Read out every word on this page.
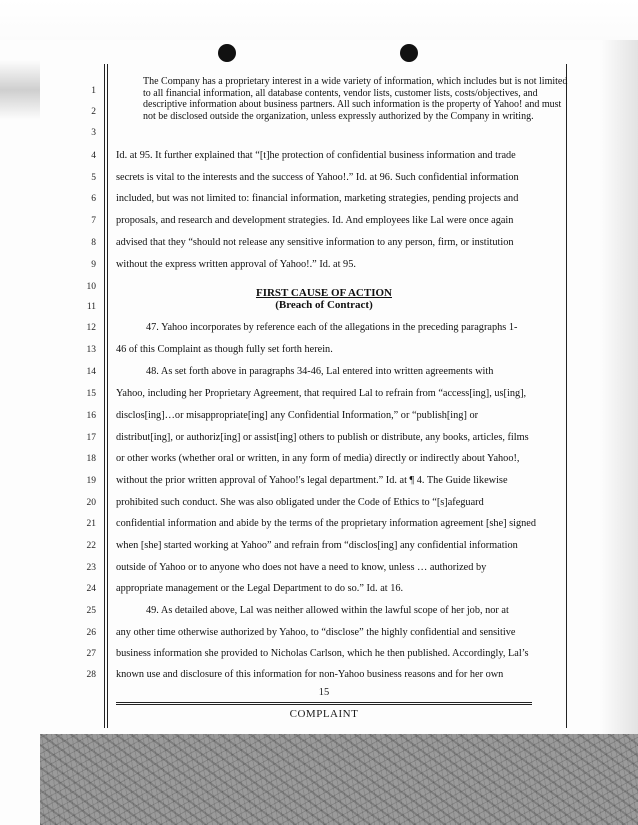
1
2
3
4
5
6
7
8
9
10
11
12
13
14
15
16
17
18
19
20
21
22
23
24
25
26
27
28
The Company has a proprietary interest in a wide variety of information, which includes but is not limited to all financial information, all database contents, vendor lists, customer lists, costs/objectives, and descriptive information about business partners. All such information is the property of Yahoo! and must not be disclosed outside the organization, unless expressly authorized by the Company in writing.
Id. at 95. It further explained that “[t]he protection of confidential business information and trade
secrets is vital to the interests and the success of Yahoo!.” Id. at 96. Such confidential information
included, but was not limited to: financial information, marketing strategies, pending projects and
proposals, and research and development strategies. Id. And employees like Lal were once again
advised that they “should not release any sensitive information to any person, firm, or institution
without the express written approval of Yahoo!.” Id. at 95.
FIRST CAUSE OF ACTION
(Breach of Contract)
47. Yahoo incorporates by reference each of the allegations in the preceding paragraphs 1-
46 of this Complaint as though fully set forth herein.
48. As set forth above in paragraphs 34-46, Lal entered into written agreements with
Yahoo, including her Proprietary Agreement, that required Lal to refrain from “access[ing], us[ing],
disclos[ing]…or misappropriate[ing] any Confidential Information,” or “publish[ing] or
distribut[ing], or authoriz[ing] or assist[ing] others to publish or distribute, any books, articles, films
or other works (whether oral or written, in any form of media) directly or indirectly about Yahoo!,
without the prior written approval of Yahoo!'s legal department.” Id. at ¶ 4. The Guide likewise
prohibited such conduct. She was also obligated under the Code of Ethics to “[s]afeguard
confidential information and abide by the terms of the proprietary information agreement [she] signed
when [she] started working at Yahoo” and refrain from “disclos[ing] any confidential information
outside of Yahoo or to anyone who does not have a need to know, unless … authorized by
appropriate management or the Legal Department to do so.” Id. at 16.
49. As detailed above, Lal was neither allowed within the lawful scope of her job, nor at
any other time otherwise authorized by Yahoo, to “disclose” the highly confidential and sensitive
business information she provided to Nicholas Carlson, which he then published. Accordingly, Lal’s
known use and disclosure of this information for non-Yahoo business reasons and for her own
15
COMPLAINT
